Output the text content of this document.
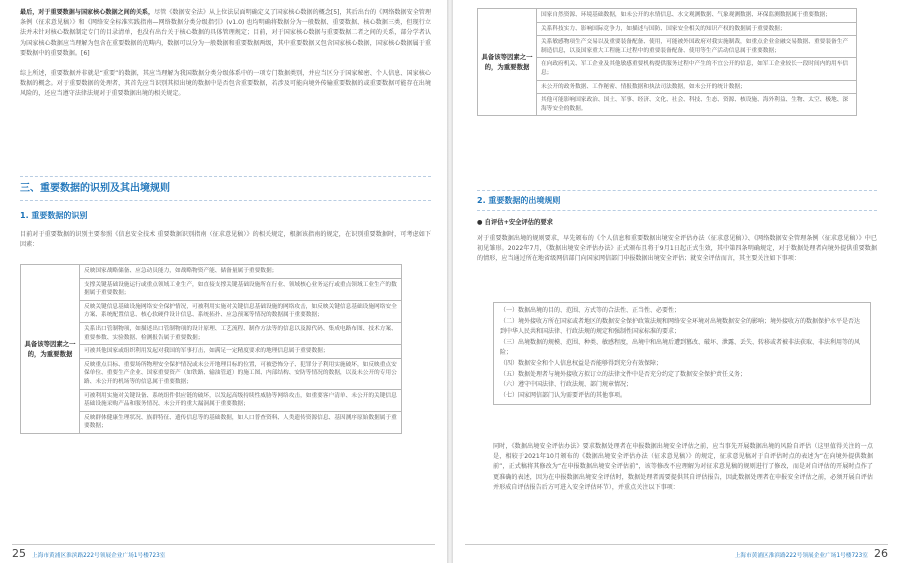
最后，对于重要数据与国家核心数据之间的关系，尽管《数据安全法》从上位法层面明确定义了国家核心数据的概念[5]，其后出台的《网络数据安全管理条例（征求意见稿）》和《网络安全标准实践指南—网络数据分类分级指引》(v1.0) 也均明确将数据分为一般数据、重要数据、核心数据三类，但现行立法并未针对核心数据制定专门的目录清单，也没有出台关于核心数据的具体管理规定；目前，对于国家核心数据与重要数据二者之间的关系，部分学者认为国家核心数据应当理解为包含在重要数据的范畴内，数据可以分为一般数据和重要数据两级，其中重要数据又包含国家核心数据，国家核心数据属于重要数据中的重要数据。[6]

综上所述，重要数据并非就是“重要”的数据，其应当理解为我国数据分类分级体系中的一项专门数据类别，并应当区分于国家秘密、个人信息、国家核心数据的概念。对于重要数据的处理者，其首先应当识别其拟出境的数据中是否包含重要数据，若涉及可能向境外传输重要数据的或重要数据可能存在出境风险的，还应当遵守法律法规对于重要数据出境的相关规定。

三、重要数据的识别及其出境规则
1. 重要数据的识别

目前对于重要数据的识别主要参照《信息安全技术 重要数据识别指南（征求意见稿）》的相关规定，根据该指南的规定，在识别重要数据时，可考虑如下因素：

具备该等因素之一的，为重要数据	反映国家战略储备、应急动员能力，如战略物资产能、储备量属于重要数据；
支撑关键基础设施运行或重点领域工业生产，如直接支撑关键基础设施所在行业、领域核心业务运行或重点领域工业生产的数据属于重要数据；
反映关键信息基础设施网络安全保护情况，可被利用实施对关键信息基础设施的网络攻击，如反映关键信息基础设施网络安全方案、系统配置信息、核心软硬件设计信息、系统拓扑、应急预案等情况的数据属于重要数据；
关系出口管制物项，如描述出口管制物项的设计原理、工艺流程、制作方法等的信息以及源代码、集成电路布图、技术方案、重要参数、实验数据、检测报告属于重要数据；
可被其他国家或组织利用发起对我国的军事打击，如满足一定精度要求的地理信息属于重要数据；
反映重点目标、重要场所物理安全保护情况或未公开地理目标的位置，可被恐怖分子、犯罪分子利用实施破坏，如反映重点安保单位、重要生产企业、国家重要资产（如铁路、输油管道）的施工图、内部结构、安防等情况的数据，以及未公开的专用公路、未公开的机场等的信息属于重要数据；
可被利用实施对关键设备、系统组件供应链的破坏，以发起高级持续性威胁等网络攻击，如重要客户清单、未公开的关键信息基础设施采购产品和服务情况、未公开的重大漏洞属于重要数据；
反映群体健康生理状况、族群特征、遗传信息等的基础数据，如人口普查资料、人类遗传资源信息、基因测序原始数据属于重要数据；
25 上海市黄浦区淮滨路222号领展企业广场1号楼723室
具备该等因素之一的，为重要数据	国家自然资源、环境基础数据，如未公开的水情信息、水文观测数据、气象观测数据、环保监测数据属于重要数据；
关系科技实力、影响国际竞争力，如描述与国防、国家安全相关的知识产权的数据属于重要数据；
关系敏感物项生产交易以及重要装备配备、使用，可能被外国政府对我实施制裁，如重点企业金融交易数据、重要装备生产制造信息，以及国家重大工程施工过程中的重要装备配备、使用等生产活动信息属于重要数据；
在向政府机关、军工企业及其他敏感重要机构提供服务过程中产生的不宜公开的信息，如军工企业较长一段时间内的用车信息；
未公开的政务数据、工作秘密、情报数据和执法司法数据，如未公开的统计数据；
其他可能影响国家政治、国土、军事、经济、文化、社会、科技、生态、资源、核设施、海外利益、生物、太空、极地、深海等安全的数据。
2. 重要数据的出境规则
● 自评估+安全评估的要求

对于重要数据出境的规则要求，早先颁布的《个人信息和重要数据出境安全评估办法（征求意见稿）》、《网络数据安全管理条例（征求意见稿）》中已初见雏形。2022年7月，《数据出境安全评估办法》正式颁布且将于9月1日起正式生效，其中第四条明确规定，对于数据处理者向境外提供重要数据的情形，应当通过所在地省级网信部门向国家网信部门申报数据出境安全评估；就安全评估而言，其主要关注如下事项：

（一）数据出境的目的、范围、方式等的合法性、正当性、必要性；

（二）境外接收方所在国家或者地区的数据安全保护政策法规和网络安全环境对出境数据安全的影响；境外接收方的数据保护水平是否达到中华人民共和国法律、行政法规的规定和强制性国家标准的要求；

（三）出境数据的规模、范围、种类、敏感程度，出境中和出境后遭到篡改、破坏、泄露、丢失、转移或者被非法获取、非法利用等的风险；

（四）数据安全和个人信息权益是否能够得到充分有效保障；

（五）数据处理者与境外接收方拟订立的法律文件中是否充分约定了数据安全保护责任义务；

（六）遵守中国法律、行政法规、部门规章情况；

（七）国家网信部门认为需要评估的其他事项。

同时，《数据出境安全评估办法》要求数据处理者在申报数据出境安全评估之前，应当事先开展数据出境的风险自评估（这里值得关注的一点是，相较于2021年10月颁布的《数据出境安全评估办法（征求意见稿）》的规定，征求意见稿对于自评估时点的表述为“在向境外提供数据前”，正式稿将其修改为“在申报数据出境安全评估前”，该等修改不应理解为对征求意见稿的规则进行了修改，而是对自评估的开展时点作了更准确的表述，因为在申报数据出境安全评估时，数据处理者需要提供其自评估报告，因此数据处理者在申报安全评估之前，必须开展自评估并形成自评估报告后方可进入安全评估环节），并重点关注以下事项：

上海市黄浦区淮滨路222号领展企业广场1号楼723室 26
